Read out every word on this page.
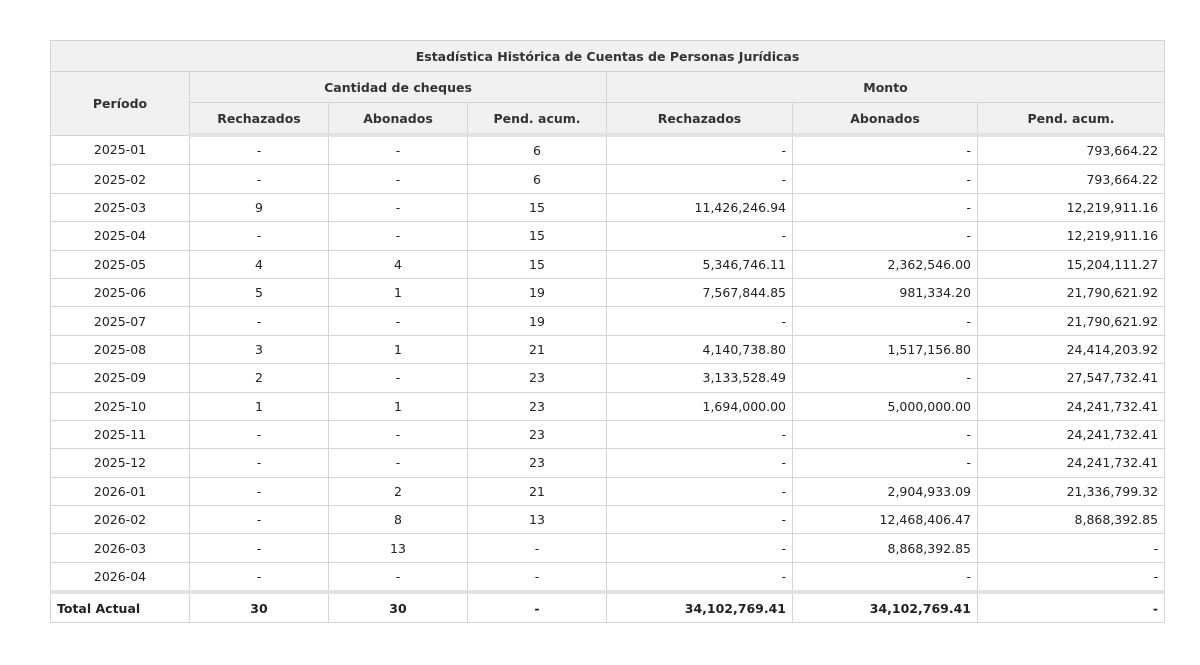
Estadística Histórica de Cuentas de Personas Jurídicas						
Período	Cantidad de cheques			Monto		
	Rechazados	Abonados	Pend. acum.	Rechazados	Abonados	Pend. acum.
2025-01	-	-	6	-	-	793,664.22
2025-02	-	-	6	-	-	793,664.22
2025-03	9	-	15	11,426,246.94	-	12,219,911.16
2025-04	-	-	15	-	-	12,219,911.16
2025-05	4	4	15	5,346,746.11	2,362,546.00	15,204,111.27
2025-06	5	1	19	7,567,844.85	981,334.20	21,790,621.92
2025-07	-	-	19	-	-	21,790,621.92
2025-08	3	1	21	4,140,738.80	1,517,156.80	24,414,203.92
2025-09	2	-	23	3,133,528.49	-	27,547,732.41
2025-10	1	1	23	1,694,000.00	5,000,000.00	24,241,732.41
2025-11	-	-	23	-	-	24,241,732.41
2025-12	-	-	23	-	-	24,241,732.41
2026-01	-	2	21	-	2,904,933.09	21,336,799.32
2026-02	-	8	13	-	12,468,406.47	8,868,392.85
2026-03	-	13	-	-	8,868,392.85	-
2026-04	-	-	-	-	-	-
Total Actual	30	30	-	34,102,769.41	34,102,769.41	-
